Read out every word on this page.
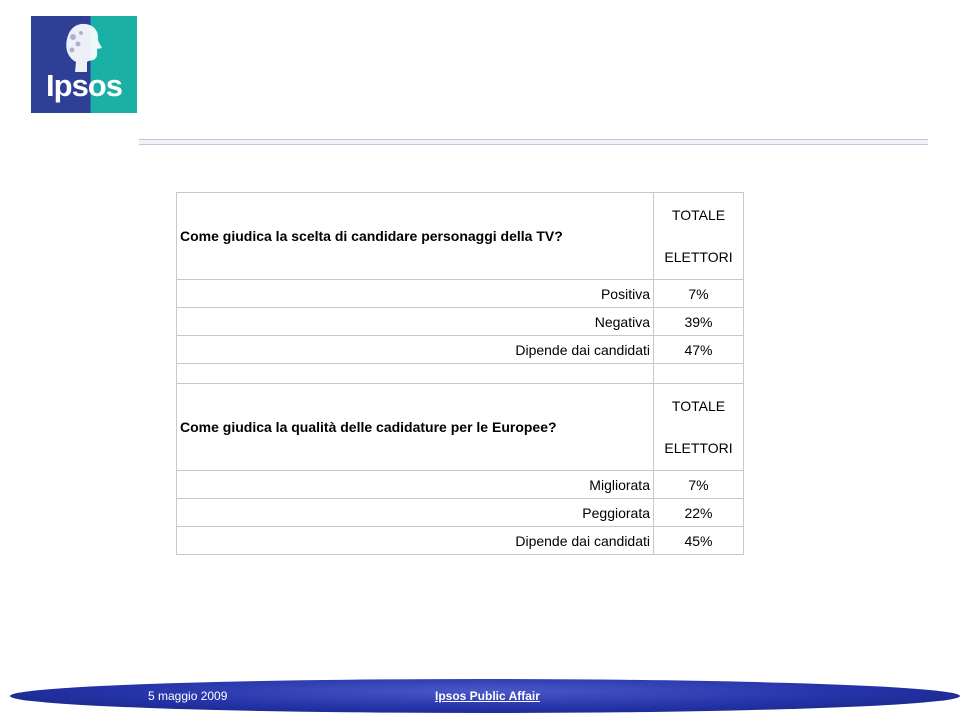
Ipsos
Come giudica la scelta di candidare personaggi della TV?	TOTALE
ELETTORI

Positiva	7%
Negativa	39%
Dipende dai candidati	47%

Come giudica la qualità delle cadidature per le Europee?	TOTALE
ELETTORI

Migliorata	7%
Peggiorata	22%
Dipende dai candidati	45%
5 maggio 2009	Ipsos Public Affair
